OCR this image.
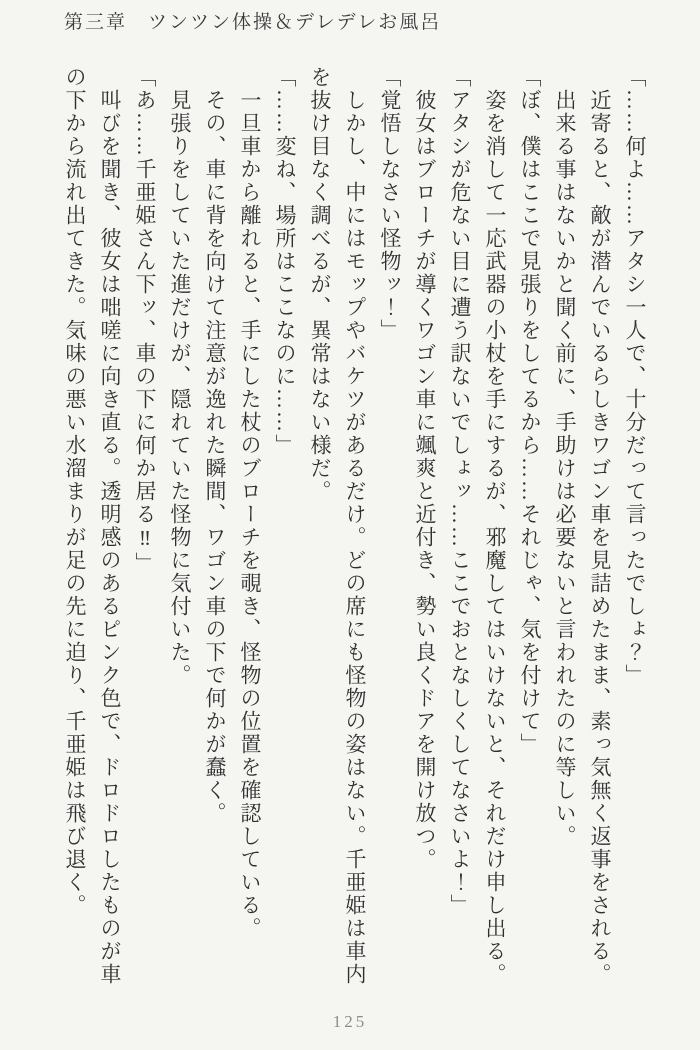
第三章　ツンツン体操＆デレデレお風呂

「……何よ……アタシ一人で、十分だって言ったでしょ？」

近寄ると、敵が潜んでいるらしきワゴン車を見詰めたまま、素っ気無く返事をされる。

出来る事はないかと聞く前に、手助けは必要ないと言われたのに等しい。

「ぼ、僕はここで見張りをしてるから……それじゃ、気を付けて」

姿を消して一応武器の小杖を手にするが、邪魔してはいけないと、それだけ申し出る。

「アタシが危ない目に遭う訳ないでしょッ……ここでおとなしくしてなさいよ！」

彼女はブローチが導くワゴン車に颯爽と近付き、勢い良くドアを開け放つ。

「覚悟しなさい怪物ッ！」

しかし、中にはモップやバケツがあるだけ。どの席にも怪物の姿はない。千亜姫は車内
を抜け目なく調べるが、異常はない様だ。

「……変ね、場所はここなのに……」

一旦車から離れると、手にした杖のブローチを覗き、怪物の位置を確認している。

その、車に背を向けて注意が逸れた瞬間、ワゴン車の下で何かが蠢く。

見張りをしていた進だけが、隠れていた怪物に気付いた。

「あ……千亜姫さん下ッ、車の下に何か居る‼」

叫びを聞き、彼女は咄嗟に向き直る。透明感のあるピンク色で、ドロドロしたものが車
の下から流れ出てきた。気味の悪い水溜まりが足の先に迫り、千亜姫は飛び退く。

125
